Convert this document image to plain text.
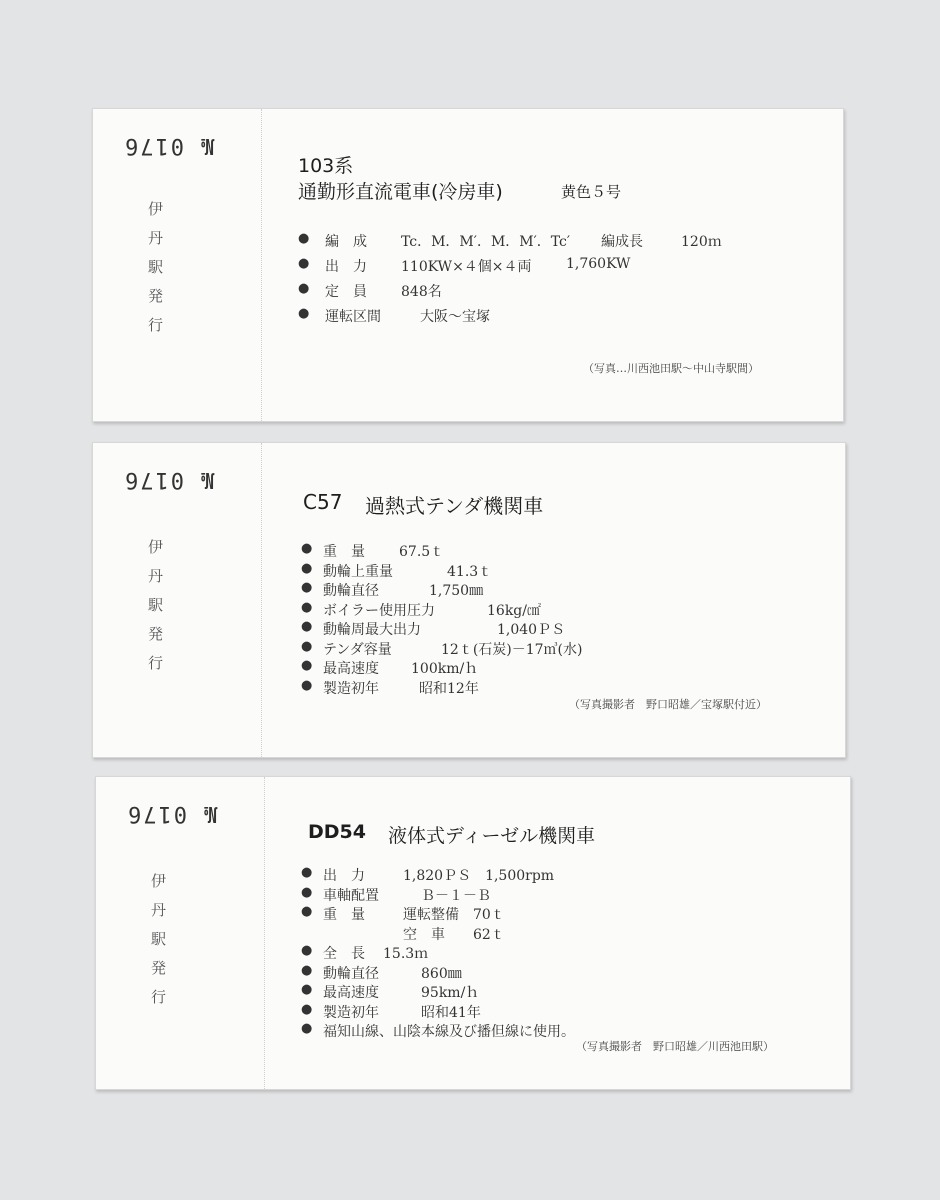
№ 0176
伊丹駅発行
103系
通勤形直流電車(冷房車)	黄色５号
● 編　成 Tc．M．M′．M．M′．Tc′ 編成長	120ｍ
● 出　力 110KW×４個×４両 1,760KW
● 定　員 848名
● 運転区間	大阪～宝塚
（写真…川西池田駅～中山寺駅間）
№ 0176
伊丹駅発行
C57 過熱式テンダ機関車
● 重　量 67.5ｔ
● 動輪上重量	41.3ｔ
● 動輪直径	1,750㎜
● ボイラー使用圧力	16kg/㎠
● 動輪周最大出力	1,040ＰＳ
● テンダ容量	12ｔ(石炭)－17㎥(水)
● 最高速度 100km/ｈ
● 製造初年	昭和12年
（写真撮影者　野口昭雄／宝塚駅付近）
№ 0176
伊丹駅発行
DD54 液体式ディーゼル機関車
● 出　力	1,820ＰＳ　1,500rpm
● 車軸配置	Ｂ－１－Ｂ
● 重　量	運転整備　70ｔ
空　車　　62ｔ
● 全　長 15.3ｍ
● 動輪直径	860㎜
● 最高速度	95km/ｈ
● 製造初年	昭和41年
● 福知山線、山陰本線及び播但線に使用。
（写真撮影者　野口昭雄／川西池田駅）
